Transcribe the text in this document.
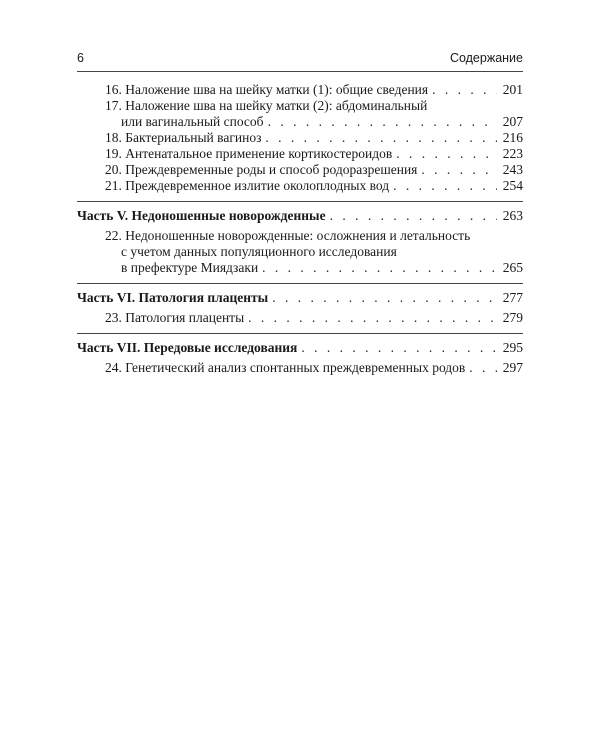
6	Содержание
16. Наложение шва на шейку матки (1): общие сведения . . .	201
17. Наложение шва на шейку матки (2): абдоминальный
или вагинальный способ . . .	207
18. Бактериальный вагиноз . . .	216
19. Антенатальное применение кортикостероидов . . .	223
20. Преждевременные роды и способ родоразрешения . . .	243
21. Преждевременное излитие околоплодных вод . . .	254
Часть V. Недоношенные новорожденные . . .	263
22. Недоношенные новорожденные: осложнения и летальность
с учетом данных популяционного исследования
в префектуре Миядзаки . . .	265
Часть VI. Патология плаценты . . .	277
23. Патология плаценты . . .	279
Часть VII. Передовые исследования . . .	295
24. Генетический анализ спонтанных преждевременных родов . . .	297
